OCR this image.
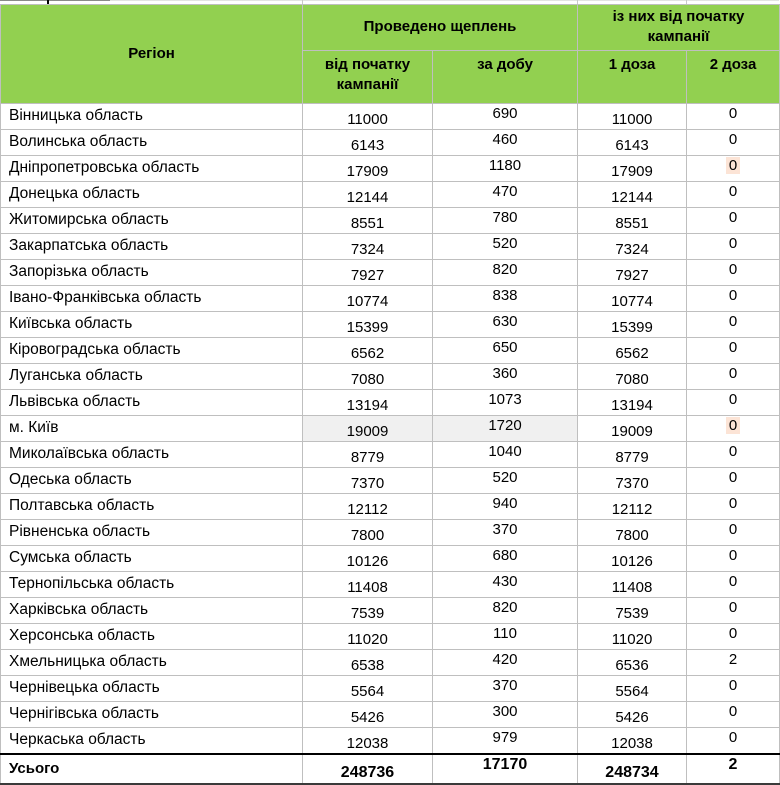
Регіон	Проведено щеплень		із них від початку кампанії	
	від початку кампанії	за добу	1 доза	2 доза
Вінницька область	11000	690	11000	0
Волинська область	6143	460	6143	0
Дніпропетровська область	17909	1180	17909	0
Донецька область	12144	470	12144	0
Житомирська область	8551	780	8551	0
Закарпатська область	7324	520	7324	0
Запорізька область	7927	820	7927	0
Івано-Франківська область	10774	838	10774	0
Київська область	15399	630	15399	0
Кіровоградська область	6562	650	6562	0
Луганська область	7080	360	7080	0
Львівська область	13194	1073	13194	0
м. Київ	19009	1720	19009	0
Миколаївська область	8779	1040	8779	0
Одеська область	7370	520	7370	0
Полтавська область	12112	940	12112	0
Рівненська область	7800	370	7800	0
Сумська область	10126	680	10126	0
Тернопільська область	11408	430	11408	0
Харківська область	7539	820	7539	0
Херсонська область	11020	110	11020	0
Хмельницька область	6538	420	6536	2
Чернівецька область	5564	370	5564	0
Чернігівська область	5426	300	5426	0
Черкаська область	12038	979	12038	0
Усього	248736	17170	248734	2
